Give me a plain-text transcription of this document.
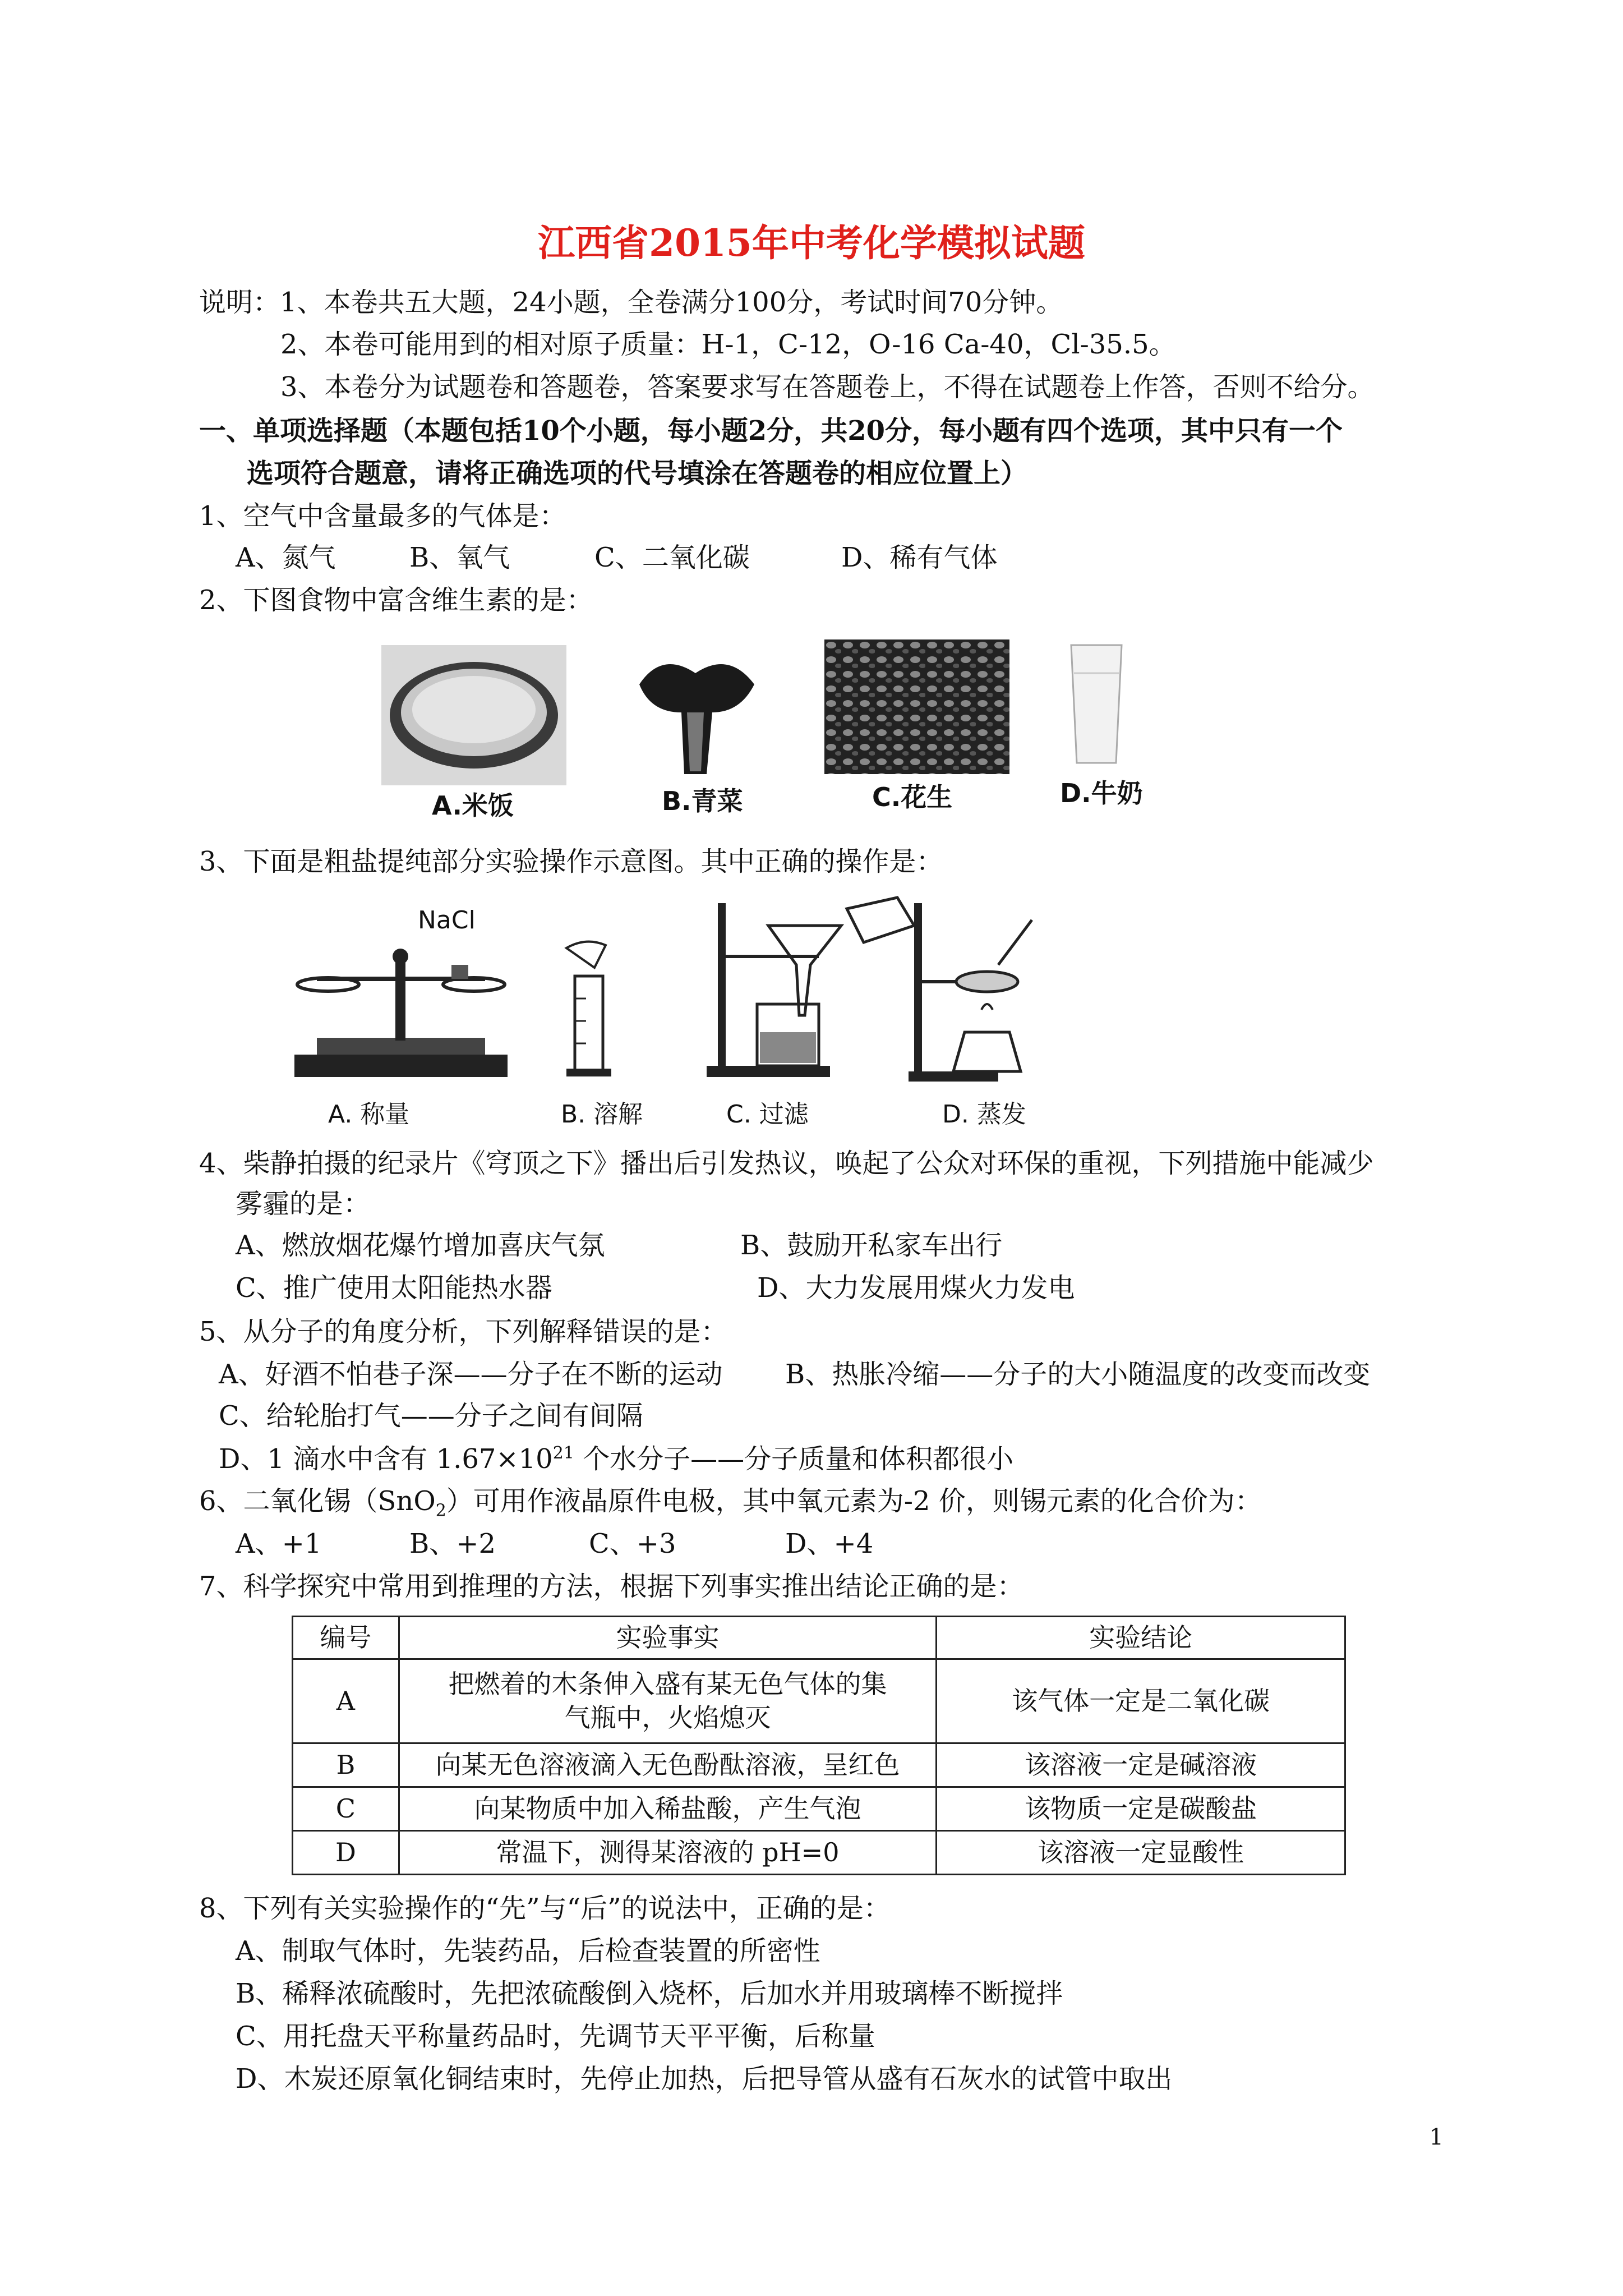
江西省2015年中考化学模拟试题
说明：1、本卷共五大题，24小题，全卷满分100分，考试时间70分钟。
2、本卷可能用到的相对原子质量：H-1，C-12，O-16 Ca-40，Cl-35.5。
3、本卷分为试题卷和答题卷，答案要求写在答题卷上，不得在试题卷上作答，否则不给分。
一、单项选择题（本题包括10个小题，每小题2分，共20分，每小题有四个选项，其中只有一个
选项符合题意，请将正确选项的代号填涂在答题卷的相应位置上）
1、空气中含量最多的气体是：
A、氮气	B、氧气	C、二氧化碳	D、稀有气体
2、下图食物中富含维生素的是：
A.米饭	B.青菜	C.花生	D.牛奶
3、下面是粗盐提纯部分实验操作示意图。其中正确的操作是：
NaCl
A. 称量	B. 溶解	C. 过滤	D. 蒸发
4、柴静拍摄的纪录片《穹顶之下》播出后引发热议，唤起了公众对环保的重视，下列措施中能减少
雾霾的是：
A、燃放烟花爆竹增加喜庆气氛	B、鼓励开私家车出行
C、推广使用太阳能热水器	D、大力发展用煤火力发电
5、从分子的角度分析，下列解释错误的是：
A、好酒不怕巷子深——分子在不断的运动 B、热胀冷缩——分子的大小随温度的改变而改变
C、给轮胎打气——分子之间有间隔
D、1 滴水中含有 $1.67\times 10^{21}$ 个水分子——分子质量和体积都很小
6、二氧化锡（SnO$_2$）可用作液晶原件电极，其中氧元素为-2 价，则锡元素的化合价为：
A、+1	B、+2	C、+3	D、+4
7、科学探究中常用到推理的方法，根据下列事实推出结论正确的是：
编号	实验事实	实验结论
A	把燃着的木条伸入盛有某无色气体的集
气瓶中，火焰熄灭	该气体一定是二氧化碳
B	向某无色溶液滴入无色酚酞溶液，呈红色	该溶液一定是碱溶液
C	向某物质中加入稀盐酸，产生气泡	该物质一定是碳酸盐
D	常温下，测得某溶液的 pH=0	该溶液一定显酸性
8、下列有关实验操作的“先”与“后”的说法中，正确的是：
A、制取气体时，先装药品，后检查装置的所密性
B、稀释浓硫酸时，先把浓硫酸倒入烧杯，后加水并用玻璃棒不断搅拌
C、用托盘天平称量药品时，先调节天平平衡，后称量
D、木炭还原氧化铜结束时，先停止加热，后把导管从盛有石灰水的试管中取出
1
